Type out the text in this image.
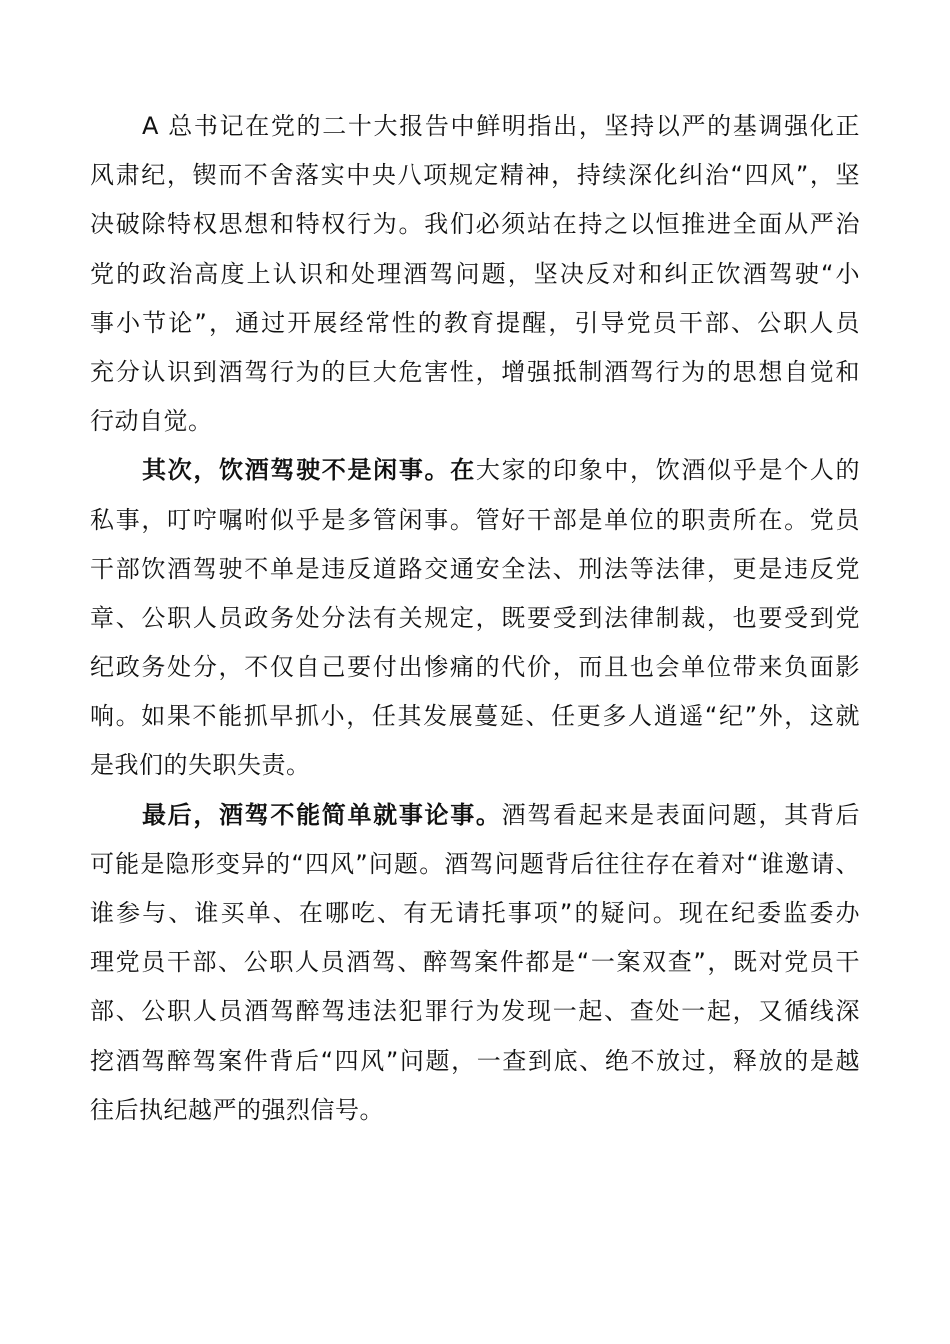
A 总书记在党的二十大报告中鲜明指出，坚持以严的基调强化正
风肃纪，锲而不舍落实中央八项规定精神，持续深化纠治“四风”，坚
决破除特权思想和特权行为。我们必须站在持之以恒推进全面从严治
党的政治高度上认识和处理酒驾问题，坚决反对和纠正饮酒驾驶“小
事小节论”，通过开展经常性的教育提醒，引导党员干部、公职人员
充分认识到酒驾行为的巨大危害性，增强抵制酒驾行为的思想自觉和
行动自觉。
其次，饮酒驾驶不是闲事。在大家的印象中，饮酒似乎是个人的
私事，叮咛嘱咐似乎是多管闲事。管好干部是单位的职责所在。党员
干部饮酒驾驶不单是违反道路交通安全法、刑法等法律，更是违反党
章、公职人员政务处分法有关规定，既要受到法律制裁，也要受到党
纪政务处分，不仅自己要付出惨痛的代价，而且也会单位带来负面影
响。如果不能抓早抓小，任其发展蔓延、任更多人逍遥“纪”外，这就
是我们的失职失责。
最后，酒驾不能简单就事论事。酒驾看起来是表面问题，其背后
可能是隐形变异的“四风”问题。酒驾问题背后往往存在着对“谁邀请、
谁参与、谁买单、在哪吃、有无请托事项”的疑问。现在纪委监委办
理党员干部、公职人员酒驾、醉驾案件都是“一案双查”，既对党员干
部、公职人员酒驾醉驾违法犯罪行为发现一起、查处一起，又循线深
挖酒驾醉驾案件背后“四风”问题，一查到底、绝不放过，释放的是越
往后执纪越严的强烈信号。
